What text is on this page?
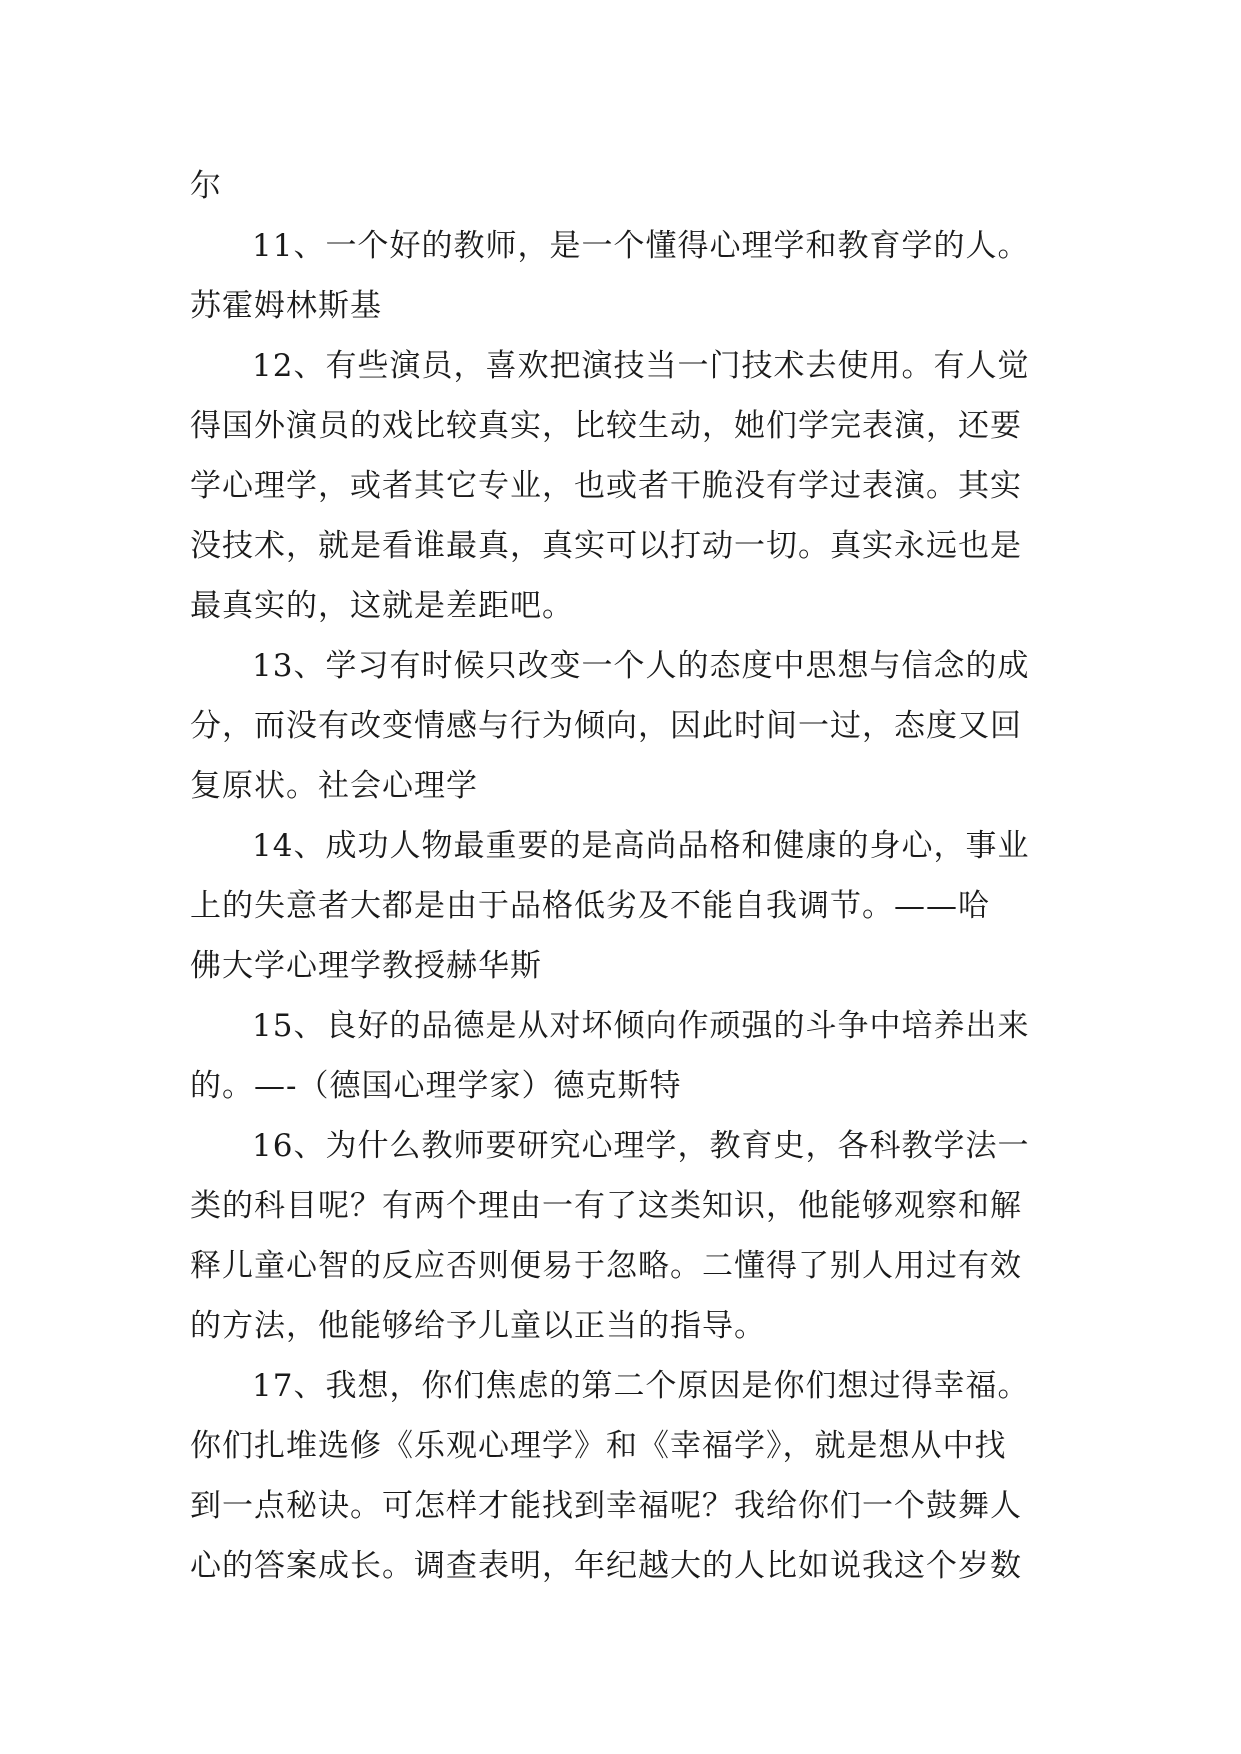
尔
11、一个好的教师，是一个懂得心理学和教育学的人。
苏霍姆林斯基
12、有些演员，喜欢把演技当一门技术去使用。有人觉
得国外演员的戏比较真实，比较生动，她们学完表演，还要
学心理学，或者其它专业，也或者干脆没有学过表演。其实
没技术，就是看谁最真，真实可以打动一切。真实永远也是
最真实的，这就是差距吧。
13、学习有时候只改变一个人的态度中思想与信念的成
分，而没有改变情感与行为倾向，因此时间一过，态度又回
复原状。社会心理学
14、成功人物最重要的是高尚品格和健康的身心，事业
上的失意者大都是由于品格低劣及不能自我调节。——哈
佛大学心理学教授赫华斯
15、良好的品德是从对坏倾向作顽强的斗争中培养出来
的。—-（德国心理学家）德克斯特
16、为什么教师要研究心理学，教育史，各科教学法一
类的科目呢？有两个理由一有了这类知识，他能够观察和解
释儿童心智的反应否则便易于忽略。二懂得了别人用过有效
的方法，他能够给予儿童以正当的指导。
17、我想，你们焦虑的第二个原因是你们想过得幸福。
你们扎堆选修《乐观心理学》和《幸福学》，就是想从中找
到一点秘诀。可怎样才能找到幸福呢？我给你们一个鼓舞人
心的答案成长。调查表明，年纪越大的人比如说我这个岁数
